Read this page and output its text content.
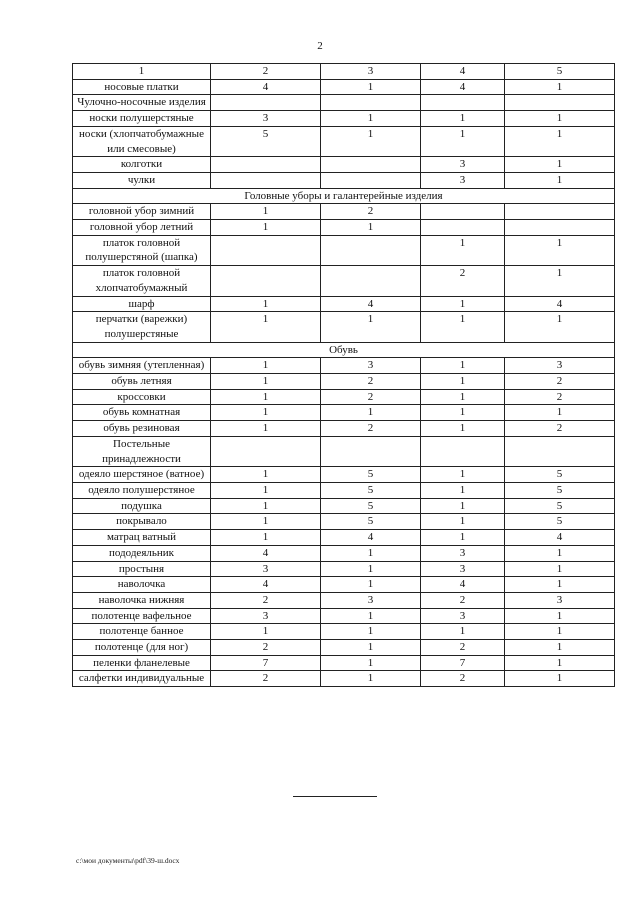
2
1	2	3	4	5
носовые платки	4	1	4	1
Чулочно-носочные изделия				
носки полушерстяные	3	1	1	1
носки (хлопчатобумажные или смесовые)	5	1	1	1
колготки			3	1
чулки			3	1
Головные уборы и галантерейные изделия				
головной убор зимний	1	2		
головной убор летний	1	1		
платок головной полушерстяной (шапка)			1	1
платок головной хлопчатобумажный			2	1
шарф	1	4	1	4
перчатки (варежки) полушерстяные	1	1	1	1
Обувь				
обувь зимняя (утепленная)	1	3	1	3
обувь летняя	1	2	1	2
кроссовки	1	2	1	2
обувь комнатная	1	1	1	1
обувь резиновая	1	2	1	2
Постельные принадлежности				
одеяло шерстяное (ватное)	1	5	1	5
одеяло полушерстяное	1	5	1	5
подушка	1	5	1	5
покрывало	1	5	1	5
матрац ватный	1	4	1	4
пододеяльник	4	1	3	1
простыня	3	1	3	1
наволочка	4	1	4	1
наволочка нижняя	2	3	2	3
полотенце вафельное	3	1	3	1
полотенце банное	1	1	1	1
полотенце (для ног)	2	1	2	1
пеленки фланелевые	7	1	7	1
салфетки индивидуальные	2	1	2	1
c:\мои документы\pdf\39-ш.docx
